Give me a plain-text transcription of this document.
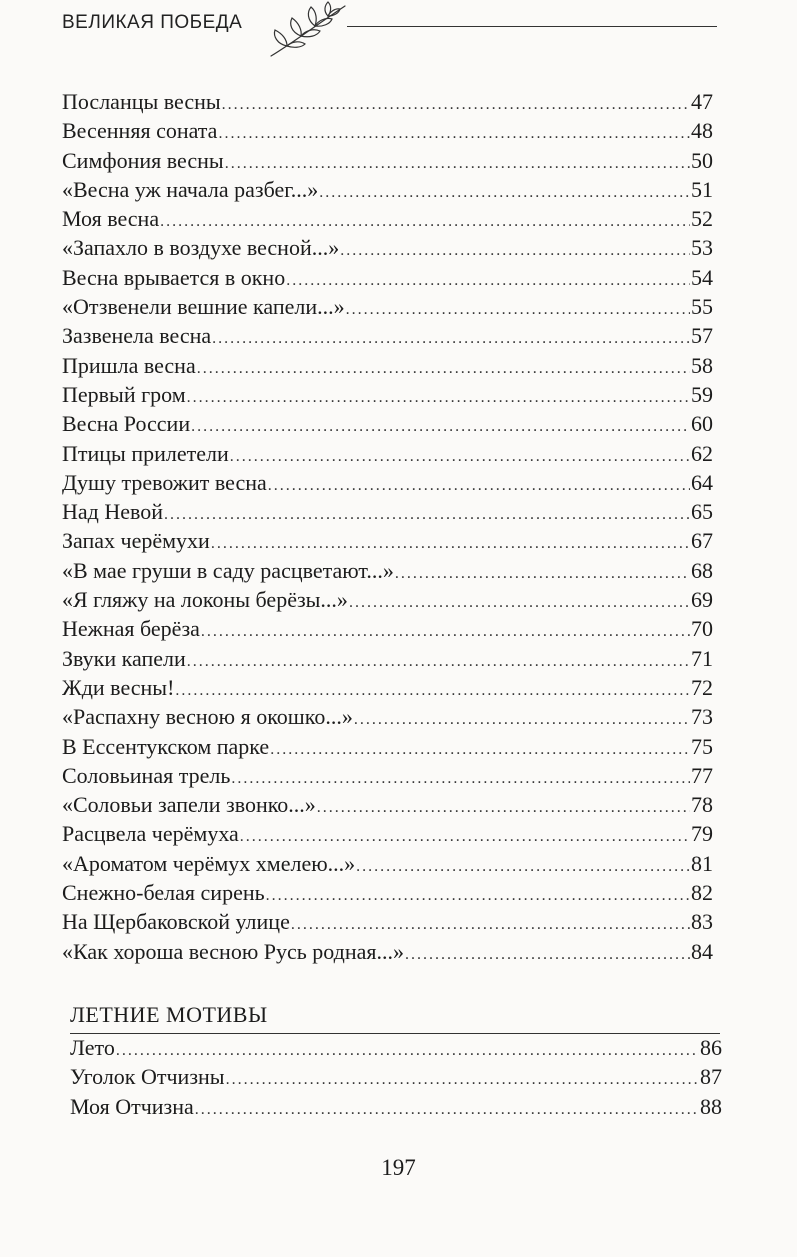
ВЕЛИКАЯ ПОБЕДА
Посланцы весны . . .	47
Весенняя соната . . .	48
Симфония весны . . .	50
«Весна уж начала разбег...» . . .	51
Моя весна . . .	52
«Запахло в воздухе весной...» . . .	53
Весна врывается в окно . . .	54
«Отзвенели вешние капели...» . . .	55
Зазвенела весна . . .	57
Пришла весна . . .	58
Первый гром . . .	59
Весна России . . .	60
Птицы прилетели . . .	62
Душу тревожит весна . . .	64
Над Невой . . .	65
Запах черёмухи . . .	67
«В мае груши в саду расцветают...» . . .	68
«Я гляжу на локоны берёзы...» . . .	69
Нежная берёза . . .	70
Звуки капели . . .	71
Жди весны! . . .	72
«Распахну весною я окошко...» . . .	73
В Ессентукском парке . . .	75
Соловьиная трель . . .	77
«Соловьи запели звонко...» . . .	78
Расцвела черёмуха . . .	79
«Ароматом черёмух хмелею...» . . .	81
Снежно-белая сирень . . .	82
На Щербаковской улице . . .	83
«Как хороша весною Русь родная...» . . .	84
ЛЕТНИЕ МОТИВЫ
Лето . . .	86
Уголок Отчизны . . .	87
Моя Отчизна . . .	88
197
